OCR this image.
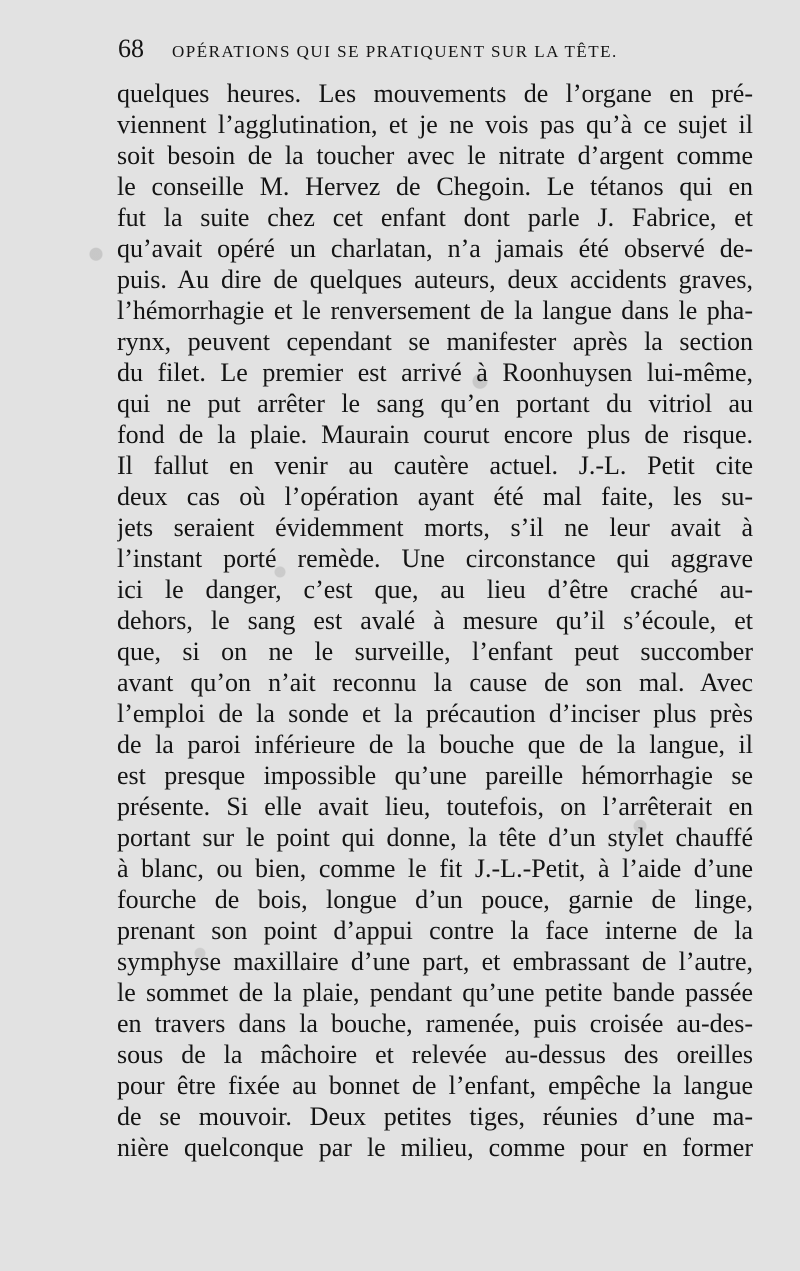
68 OPÉRATIONS QUI SE PRATIQUENT SUR LA TÊTE.
quelques heures. Les mouvements de l’organe en pré-
viennent l’agglutination, et je ne vois pas qu’à ce sujet il
soit besoin de la toucher avec le nitrate d’argent comme
le conseille M. Hervez de Chegoin. Le tétanos qui en
fut la suite chez cet enfant dont parle J. Fabrice, et
qu’avait opéré un charlatan, n’a jamais été observé de-
puis. Au dire de quelques auteurs, deux accidents graves,
l’hémorrhagie et le renversement de la langue dans le pha-
rynx, peuvent cependant se manifester après la section
du filet. Le premier est arrivé à Roonhuysen lui-même,
qui ne put arrêter le sang qu’en portant du vitriol au
fond de la plaie. Maurain courut encore plus de risque.
Il fallut en venir au cautère actuel. J.-L. Petit cite
deux cas où l’opération ayant été mal faite, les su-
jets seraient évidemment morts, s’il ne leur avait à
l’instant porté remède. Une circonstance qui aggrave
ici le danger, c’est que, au lieu d’être craché au-
dehors, le sang est avalé à mesure qu’il s’écoule, et
que, si on ne le surveille, l’enfant peut succomber
avant qu’on n’ait reconnu la cause de son mal. Avec
l’emploi de la sonde et la précaution d’inciser plus près
de la paroi inférieure de la bouche que de la langue, il
est presque impossible qu’une pareille hémorrhagie se
présente. Si elle avait lieu, toutefois, on l’arrêterait en
portant sur le point qui donne, la tête d’un stylet chauffé
à blanc, ou bien, comme le fit J.-L.-Petit, à l’aide d’une
fourche de bois, longue d’un pouce, garnie de linge,
prenant son point d’appui contre la face interne de la
symphyse maxillaire d’une part, et embrassant de l’autre,
le sommet de la plaie, pendant qu’une petite bande passée
en travers dans la bouche, ramenée, puis croisée au-des-
sous de la mâchoire et relevée au-dessus des oreilles
pour être fixée au bonnet de l’enfant, empêche la langue
de se mouvoir. Deux petites tiges, réunies d’une ma-
nière quelconque par le milieu, comme pour en former
